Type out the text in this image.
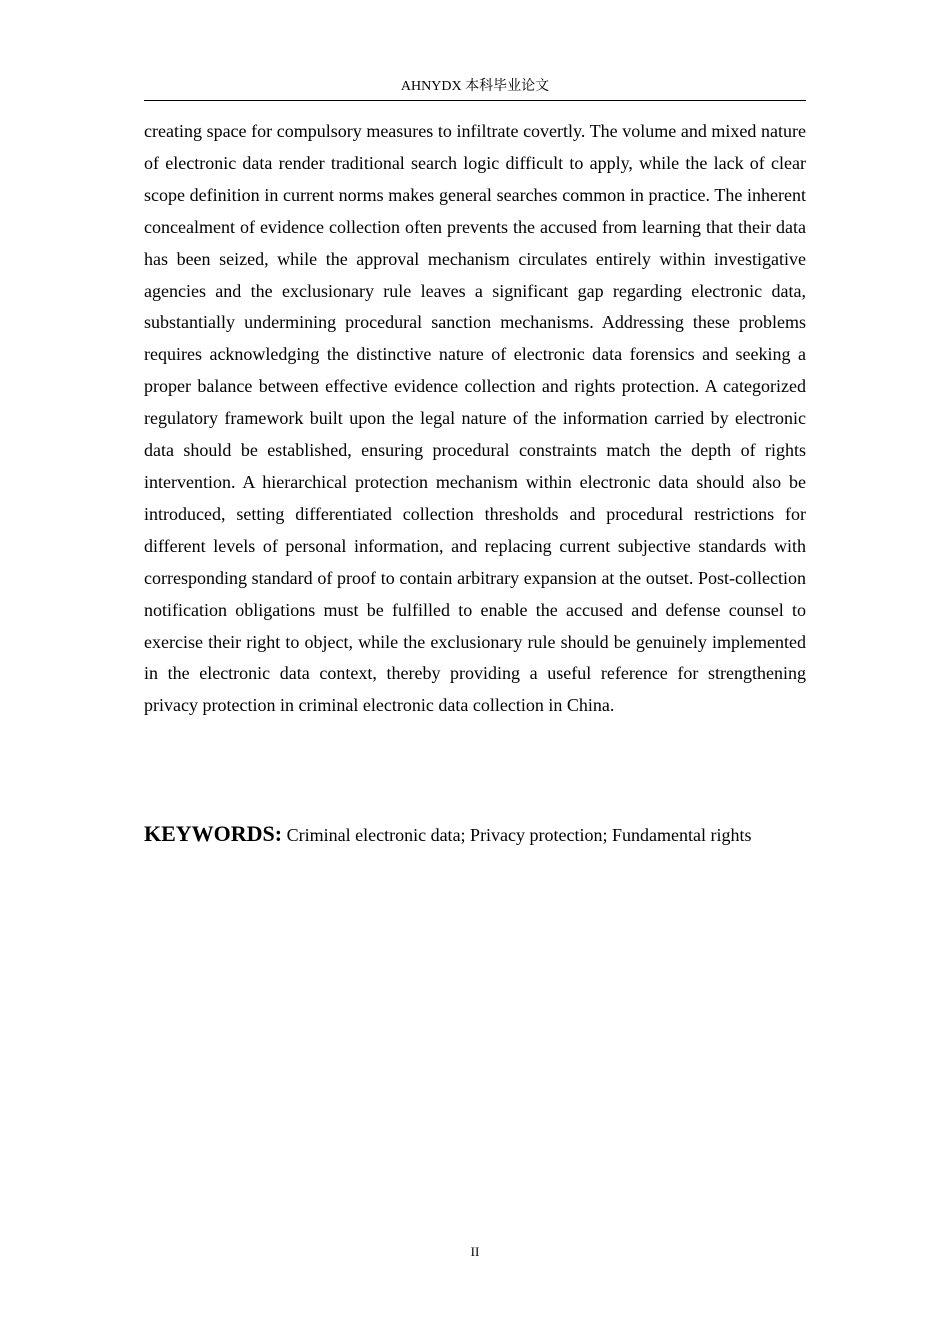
AHNYDX 本科毕业论文

creating space for compulsory measures to infiltrate covertly. The volume and mixed nature of electronic data render traditional search logic difficult to apply, while the lack of clear scope definition in current norms makes general searches common in practice. The inherent concealment of evidence collection often prevents the accused from learning that their data has been seized, while the approval mechanism circulates entirely within investigative agencies and the exclusionary rule leaves a significant gap regarding electronic data, substantially undermining procedural sanction mechanisms. Addressing these problems requires acknowledging the distinctive nature of electronic data forensics and seeking a proper balance between effective evidence collection and rights protection. A categorized regulatory framework built upon the legal nature of the information carried by electronic data should be established, ensuring procedural constraints match the depth of rights intervention. A hierarchical protection mechanism within electronic data should also be introduced, setting differentiated collection thresholds and procedural restrictions for different levels of personal information, and replacing current subjective standards with corresponding standard of proof to contain arbitrary expansion at the outset. Post-collection notification obligations must be fulfilled to enable the accused and defense counsel to exercise their right to object, while the exclusionary rule should be genuinely implemented in the electronic data context, thereby providing a useful reference for strengthening privacy protection in criminal electronic data collection in China.

KEYWORDS: Criminal electronic data; Privacy protection; Fundamental rights

II
